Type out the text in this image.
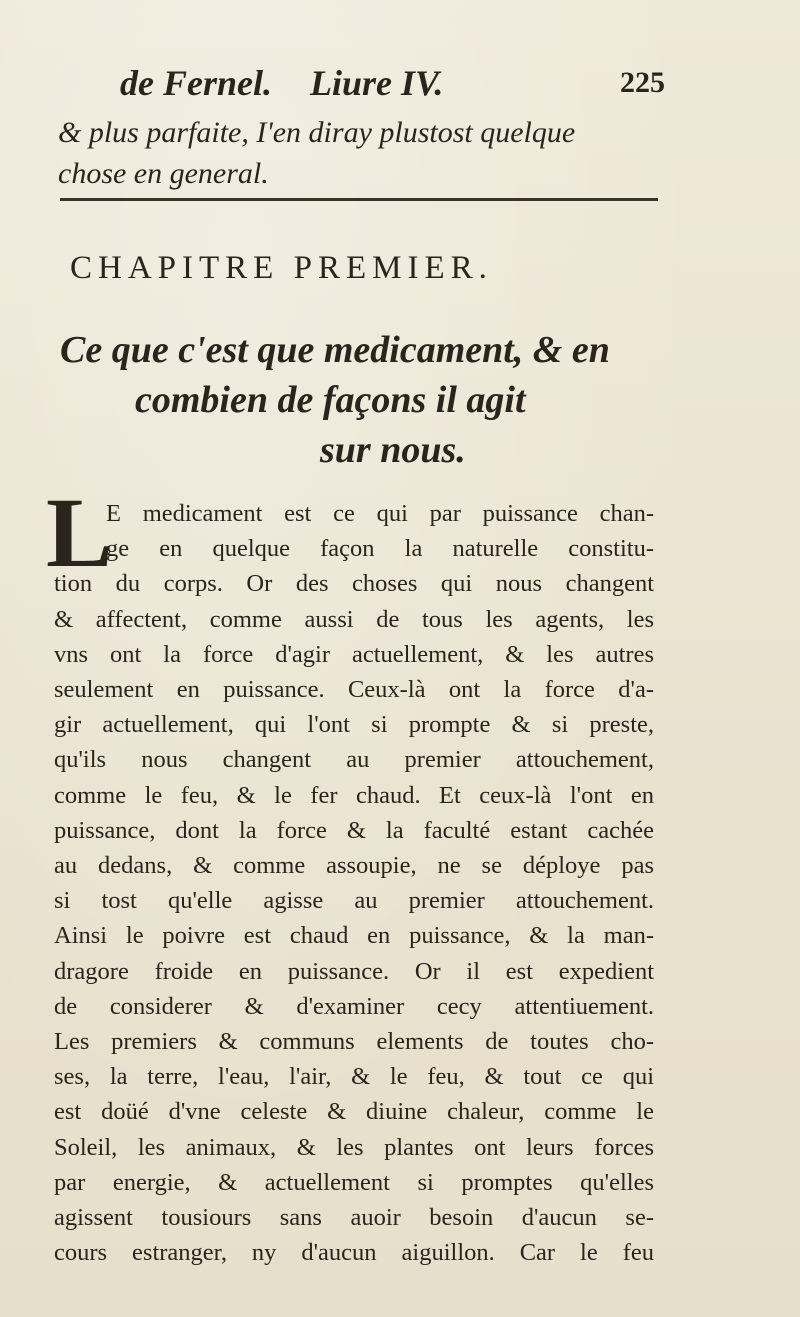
de Fernel. Liure IV.	225
& plus parfaite, I'en diray plustost quelque
chose en general.
CHAPITRE PREMIER.
Ce que c'est que medicament, & en
combien de façons il agit
sur nous.
L
E medicament est ce qui par puissance chan-
ge en quelque façon la naturelle constitu-
tion du corps. Or des choses qui nous changent
& affectent, comme aussi de tous les agents, les
vns ont la force d'agir actuellement, & les autres
seulement en puissance. Ceux-là ont la force d'a-
gir actuellement, qui l'ont si prompte & si preste,
qu'ils nous changent au premier attouchement,
comme le feu, & le fer chaud. Et ceux-là l'ont en
puissance, dont la force & la faculté estant cachée
au dedans, & comme assoupie, ne se déploye pas
si tost qu'elle agisse au premier attouchement.
Ainsi le poivre est chaud en puissance, & la man-
dragore froide en puissance. Or il est expedient
de considerer & d'examiner cecy attentiuement.
Les premiers & communs elements de toutes cho-
ses, la terre, l'eau, l'air, & le feu, & tout ce qui
est doüé d'vne celeste & diuine chaleur, comme le
Soleil, les animaux, & les plantes ont leurs forces
par energie, & actuellement si promptes qu'elles
agissent tousiours sans auoir besoin d'aucun se-
cours estranger, ny d'aucun aiguillon. Car le feu
